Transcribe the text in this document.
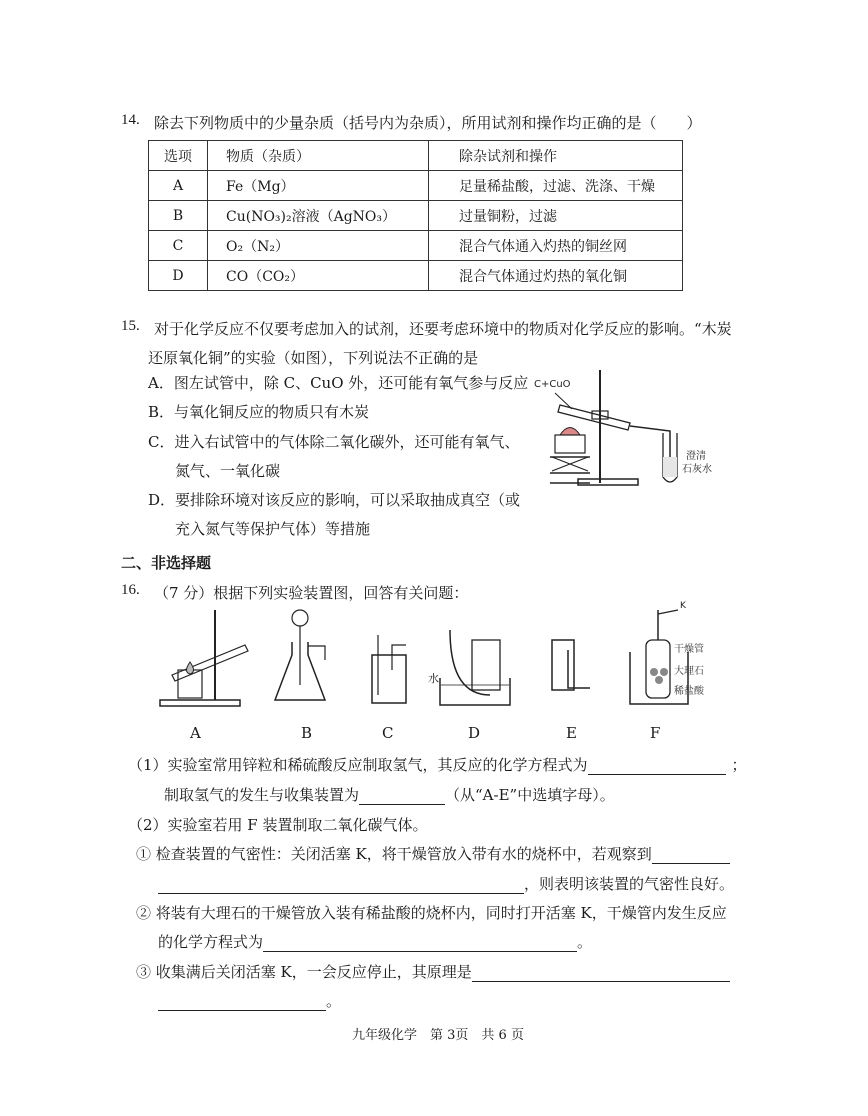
14. 除去下列物质中的少量杂质（括号内为杂质），所用试剂和操作均正确的是（　　）
选项	物质（杂质）	除杂试剂和操作
A	Fe（Mg）	足量稀盐酸，过滤、洗涤、干燥
B	Cu(NO₃)₂溶液（AgNO₃）	过量铜粉，过滤
C	O₂（N₂）	混合气体通入灼热的铜丝网
D	CO（CO₂）	混合气体通过灼热的氧化铜
15. 对于化学反应不仅要考虑加入的试剂，还要考虑环境中的物质对化学反应的影响。“木炭
还原氧化铜”的实验（如图），下列说法不正确的是
A．图左试管中，除 C、CuO 外，还可能有氧气参与反应
B．与氧化铜反应的物质只有木炭
C．进入右试管中的气体除二氧化碳外，还可能有氧气、
氮气、一氧化碳
D．要排除环境对该反应的影响，可以采取抽成真空（或
充入氮气等保护气体）等措施
C+CuO
澄清
石灰水
二、非选择题
16. （7 分）根据下列实验装置图，回答有关问题：
水
K
干燥管
大理石
稀盐酸
A	B	C	D	E	F
（1）实验室常用锌粒和稀硫酸反应制取氢气，其反应的化学方程式为	；
制取氢气的发生与收集装置为	（从“A-E”中选填字母）。
（2）实验室若用 F 装置制取二氧化碳气体。
① 检查装置的气密性：关闭活塞 K，将干燥管放入带有水的烧杯中，若观察到
，则表明该装置的气密性良好。
② 将装有大理石的干燥管放入装有稀盐酸的烧杯内，同时打开活塞 K，干燥管内发生反应
的化学方程式为	。
③ 收集满后关闭活塞 K，一会反应停止，其原理是
。
九年级化学　第 3页　共 6 页
